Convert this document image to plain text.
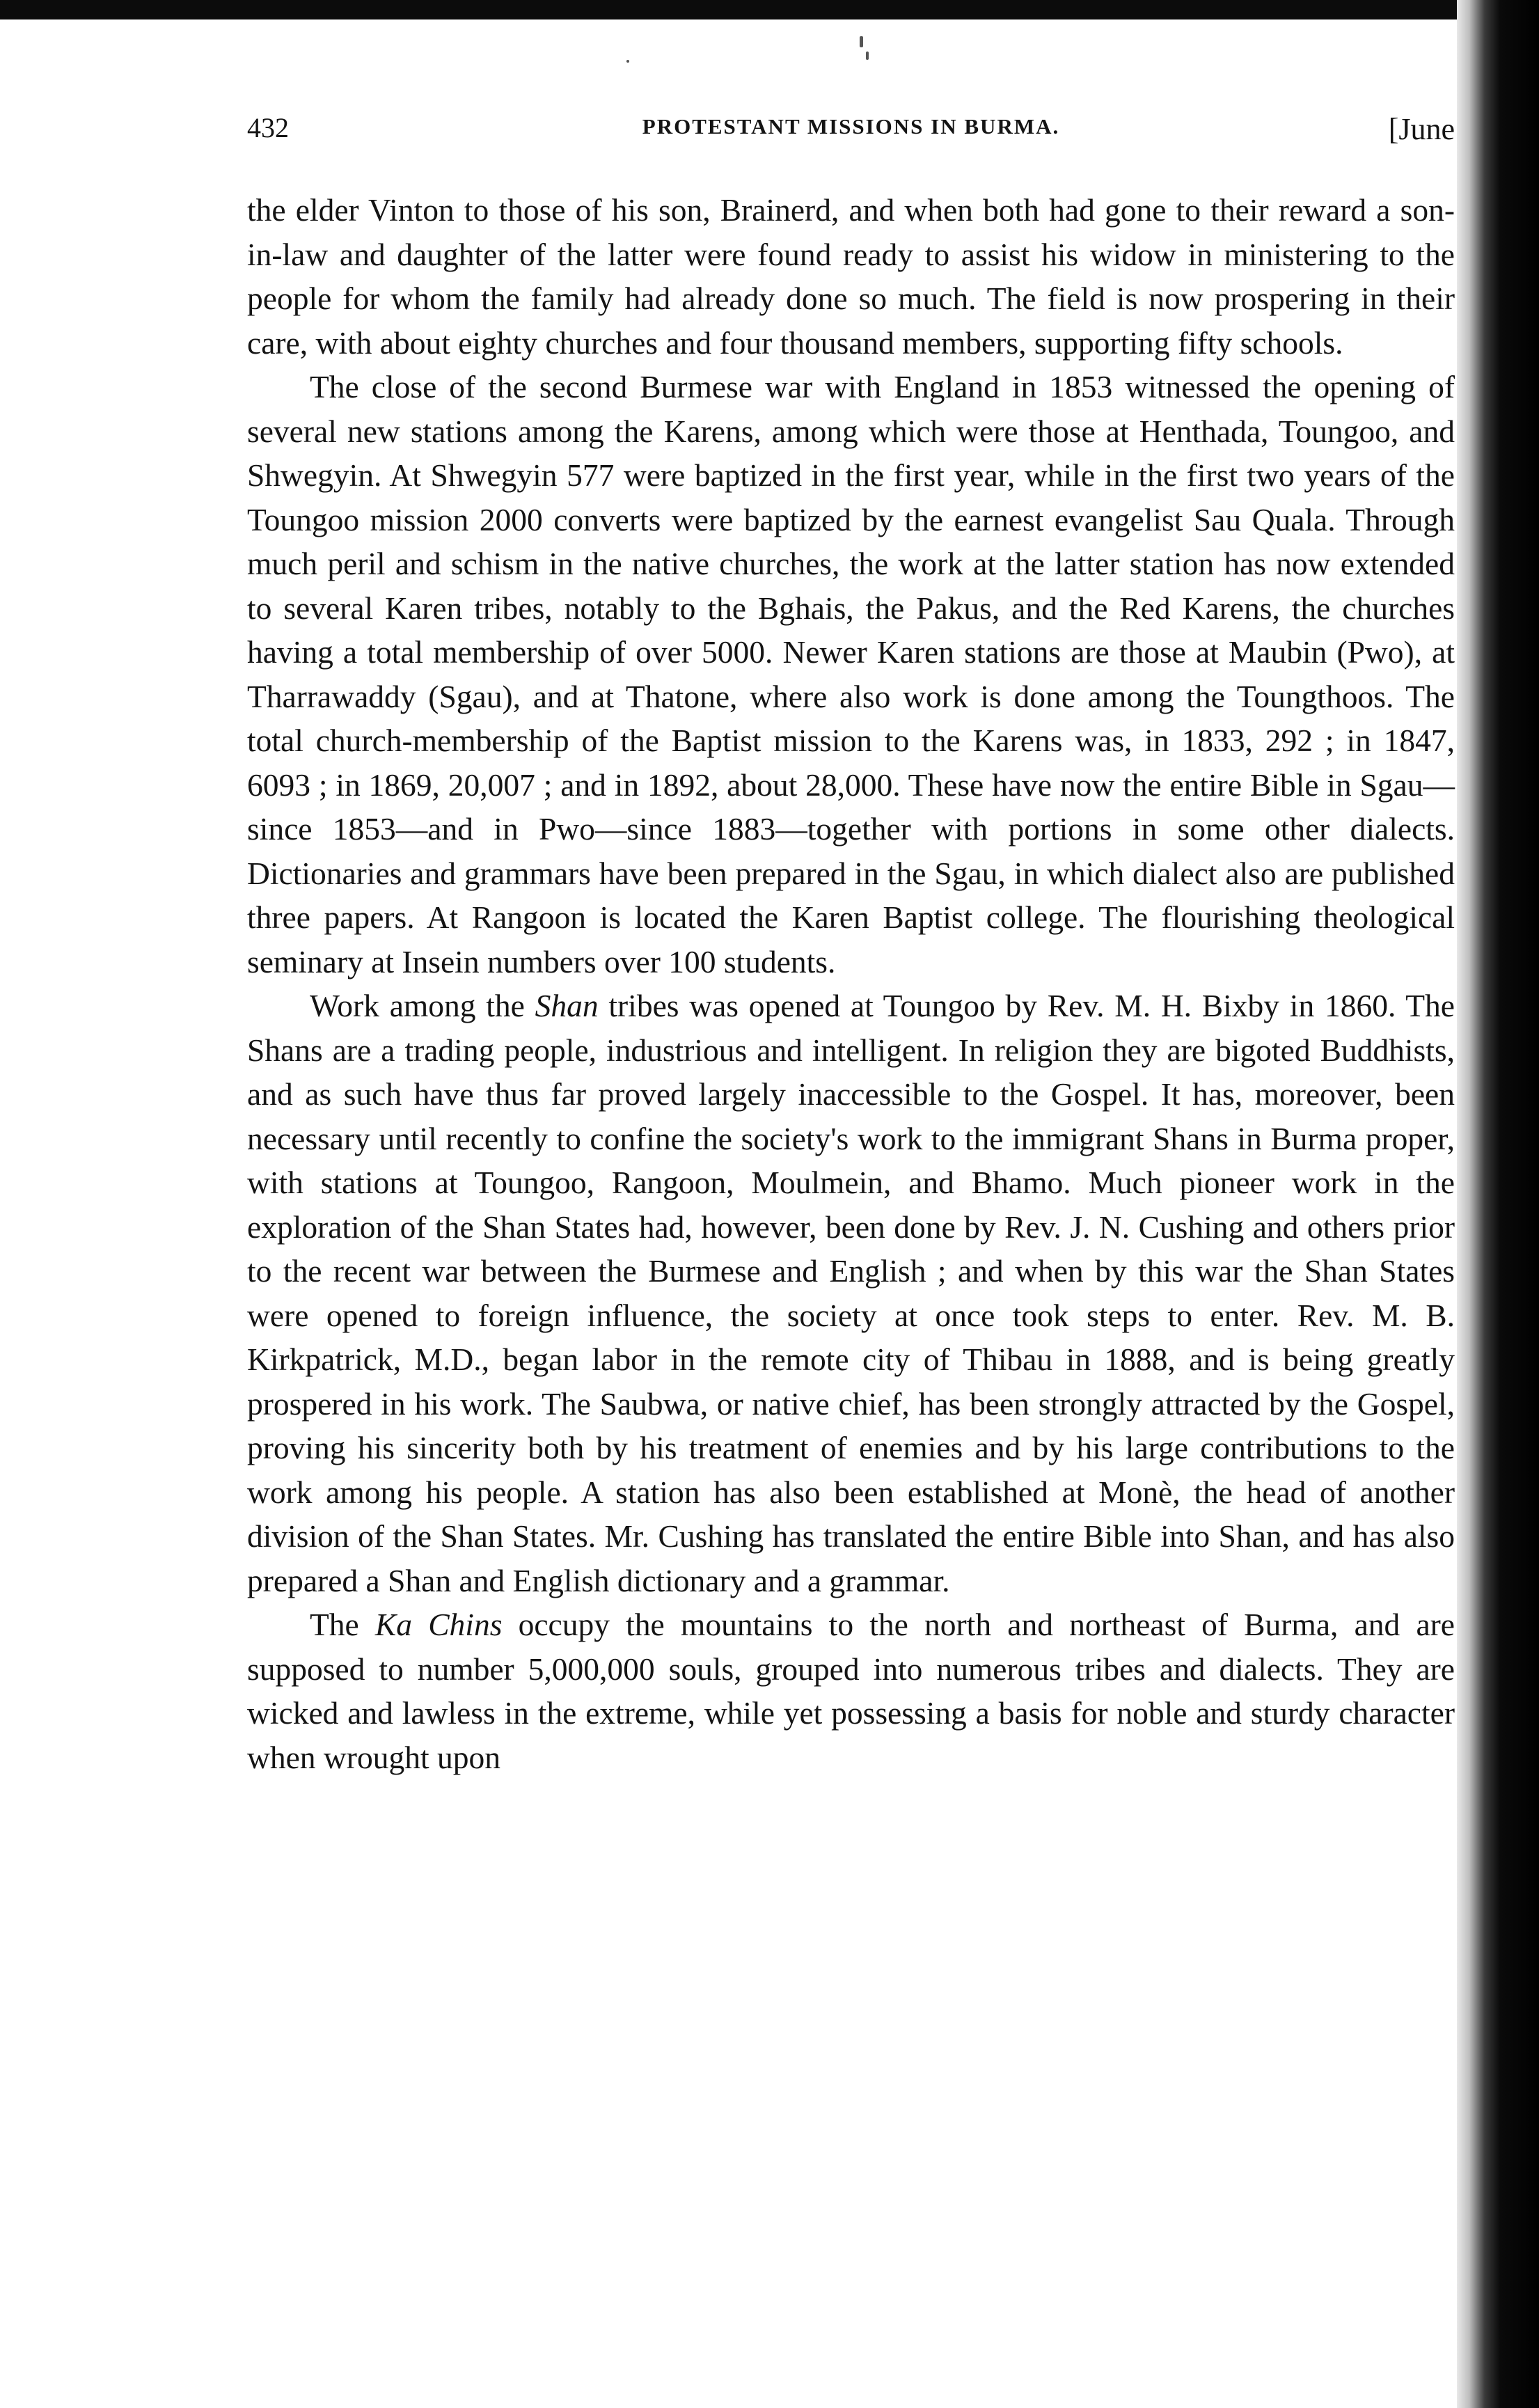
432	PROTESTANT MISSIONS IN BURMA.	[June

the elder Vinton to those of his son, Brainerd, and when both had gone to their reward a son-in-law and daughter of the latter were found ready to assist his widow in ministering to the people for whom the family had already done so much. The field is now prospering in their care, with about eighty churches and four thousand members, supporting fifty schools.

The close of the second Burmese war with England in 1853 witnessed the opening of several new stations among the Karens, among which were those at Henthada, Toungoo, and Shwegyin. At Shwegyin 577 were baptized in the first year, while in the first two years of the Toungoo mission 2000 converts were baptized by the earnest evangelist Sau Quala. Through much peril and schism in the native churches, the work at the latter station has now extended to several Karen tribes, notably to the Bghais, the Pakus, and the Red Karens, the churches having a total membership of over 5000. Newer Karen stations are those at Maubin (Pwo), at Tharrawaddy (Sgau), and at Thatone, where also work is done among the Toungthoos. The total church-membership of the Baptist mission to the Karens was, in 1833, 292 ; in 1847, 6093 ; in 1869, 20,007 ; and in 1892, about 28,000. These have now the entire Bible in Sgau—since 1853—and in Pwo—since 1883—together with portions in some other dialects. Dictionaries and grammars have been prepared in the Sgau, in which dialect also are published three papers. At Rangoon is located the Karen Baptist college. The flourishing theological seminary at Insein numbers over 100 students.

Work among the Shan tribes was opened at Toungoo by Rev. M. H. Bixby in 1860. The Shans are a trading people, industrious and intelligent. In religion they are bigoted Buddhists, and as such have thus far proved largely inaccessible to the Gospel. It has, moreover, been necessary until recently to confine the society's work to the immigrant Shans in Burma proper, with stations at Toungoo, Rangoon, Moulmein, and Bhamo. Much pioneer work in the exploration of the Shan States had, however, been done by Rev. J. N. Cushing and others prior to the recent war between the Burmese and English ; and when by this war the Shan States were opened to foreign influence, the society at once took steps to enter. Rev. M. B. Kirkpatrick, M.D., began labor in the remote city of Thibau in 1888, and is being greatly prospered in his work. The Saubwa, or native chief, has been strongly attracted by the Gospel, proving his sincerity both by his treatment of enemies and by his large contributions to the work among his people. A station has also been established at Monè, the head of another division of the Shan States. Mr. Cushing has translated the entire Bible into Shan, and has also prepared a Shan and English dictionary and a grammar.

The Ka Chins occupy the mountains to the north and northeast of Burma, and are supposed to number 5,000,000 souls, grouped into numerous tribes and dialects. They are wicked and lawless in the extreme, while yet possessing a basis for noble and sturdy character when wrought upon
